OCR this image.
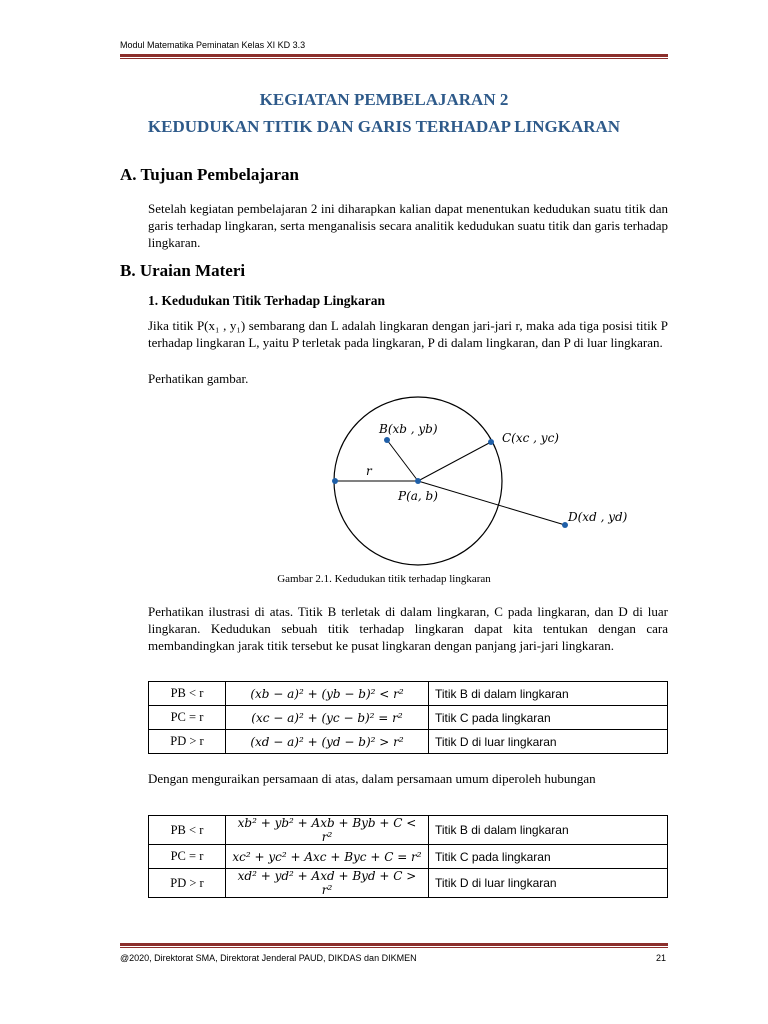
Modul Matematika Peminatan Kelas XI KD 3.3
KEGIATAN PEMBELAJARAN 2
KEDUDUKAN TITIK DAN GARIS TERHADAP LINGKARAN
A. Tujuan Pembelajaran
Setelah kegiatan pembelajaran 2 ini diharapkan kalian dapat menentukan kedudukan suatu titik dan garis terhadap lingkaran, serta menganalisis secara analitik kedudukan suatu titik dan garis terhadap lingkaran.
B. Uraian Materi
1. Kedudukan Titik Terhadap Lingkaran
Jika titik P(x₁ , y₁) sembarang dan L adalah lingkaran dengan jari-jari r, maka ada tiga posisi titik P terhadap lingkaran L, yaitu P terletak pada lingkaran, P di dalam lingkaran, dan P di luar lingkaran.
Perhatikan gambar.
B(xb , yb)
C(xc , yc)
D(xd , yd)
P(a, b)
r
Gambar 2.1. Kedudukan titik terhadap lingkaran
Perhatikan ilustrasi di atas. Titik B terletak di dalam lingkaran, C pada lingkaran, dan D di luar lingkaran. Kedudukan sebuah titik terhadap lingkaran dapat kita tentukan dengan cara membandingkan jarak titik tersebut ke pusat lingkaran dengan panjang jari-jari lingkaran.
PB < r	(xb − a)² + (yb − b)² < r²	Titik B di dalam lingkaran
PC = r	(xc − a)² + (yc − b)² = r²	Titik C pada lingkaran
PD > r	(xd − a)² + (yd − b)² > r²	Titik D di luar lingkaran
Dengan menguraikan persamaan di atas, dalam persamaan umum diperoleh hubungan
PB < r	xb² + yb² + Axb + Byb + C < r²	Titik B di dalam lingkaran
PC = r	xc² + yc² + Axc + Byc + C = r²	Titik C pada lingkaran
PD > r	xd² + yd² + Axd + Byd + C > r²	Titik D di luar lingkaran
@2020, Direktorat SMA, Direktorat Jenderal PAUD, DIKDAS dan DIKMEN	21
